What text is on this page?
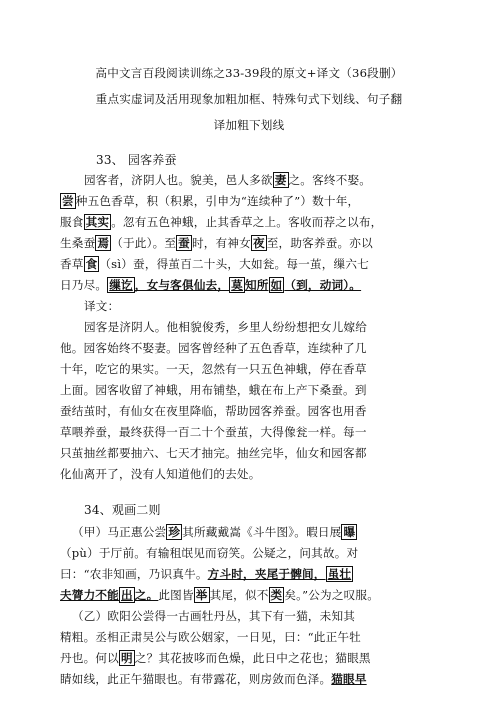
高中文言百段阅读训练之33-39段的原文+译文（36段删）
重点实虚词及活用现象加粗加框、特殊句式下划线、句子翻
译加粗下划线
33、 园客养蚕
园客者，济阴人也。貌美，邑人多欲 妻 之。客终不娶。
尝 种五色香草，积（积累，引申为“连续种了”）数十年，
服食 其实 。忽有五色神蛾，止其香草之上。客收而荐之以布，
生桑蚕 焉 （于此）。至 蚕 时，有神女 夜 至，助客养蚕。亦以
香草 食 （sì）蚕，得茧百二十头，大如瓮。每一茧，缫六七
日乃尽。 缫讫 ，女与客俱仙去， 莫 知所 如 （到，动词）。
译文：
园客是济阴人。他相貌俊秀，乡里人纷纷想把女儿嫁给
他。园客始终不娶妻。园客曾经种了五色香草，连续种了几
十年，吃它的果实。一天，忽然有一只五色神蛾，停在香草
上面。园客收留了神蛾，用布铺垫，蛾在布上产下桑蚕。到
蚕结茧时，有仙女在夜里降临，帮助园客养蚕。园客也用香
草喂养蚕，最终获得一百二十个蚕茧，大得像瓮一样。每一
只茧抽丝都要抽六、七天才抽完。抽丝完毕，仙女和园客都
化仙离开了，没有人知道他们的去处。
34、观画二则
（甲）马正惠公尝 珍 其所藏戴嵩《斗牛图》。暇日展 曝
（pù）于厅前。有输租氓见而窃笑。公疑之，问其故。对
曰：“农非知画，乃识真牛。方斗时，夹尾于髀间， 虽壮
夫膂力不能 出 之。此图皆 举 其尾，似不 类 矣。”公为之叹服。
（乙）欧阳公尝得一古画牡丹丛，其下有一猫，未知其
精粗。丞相正肃吴公与欧公姻家，一日见，曰：“此正午牡
丹也。何以 明 之？其花披哆而色燥，此日中之花也；猫眼黑
睛如线，此正午猫眼也。有带露花，则房敛而色泽。猫眼早
